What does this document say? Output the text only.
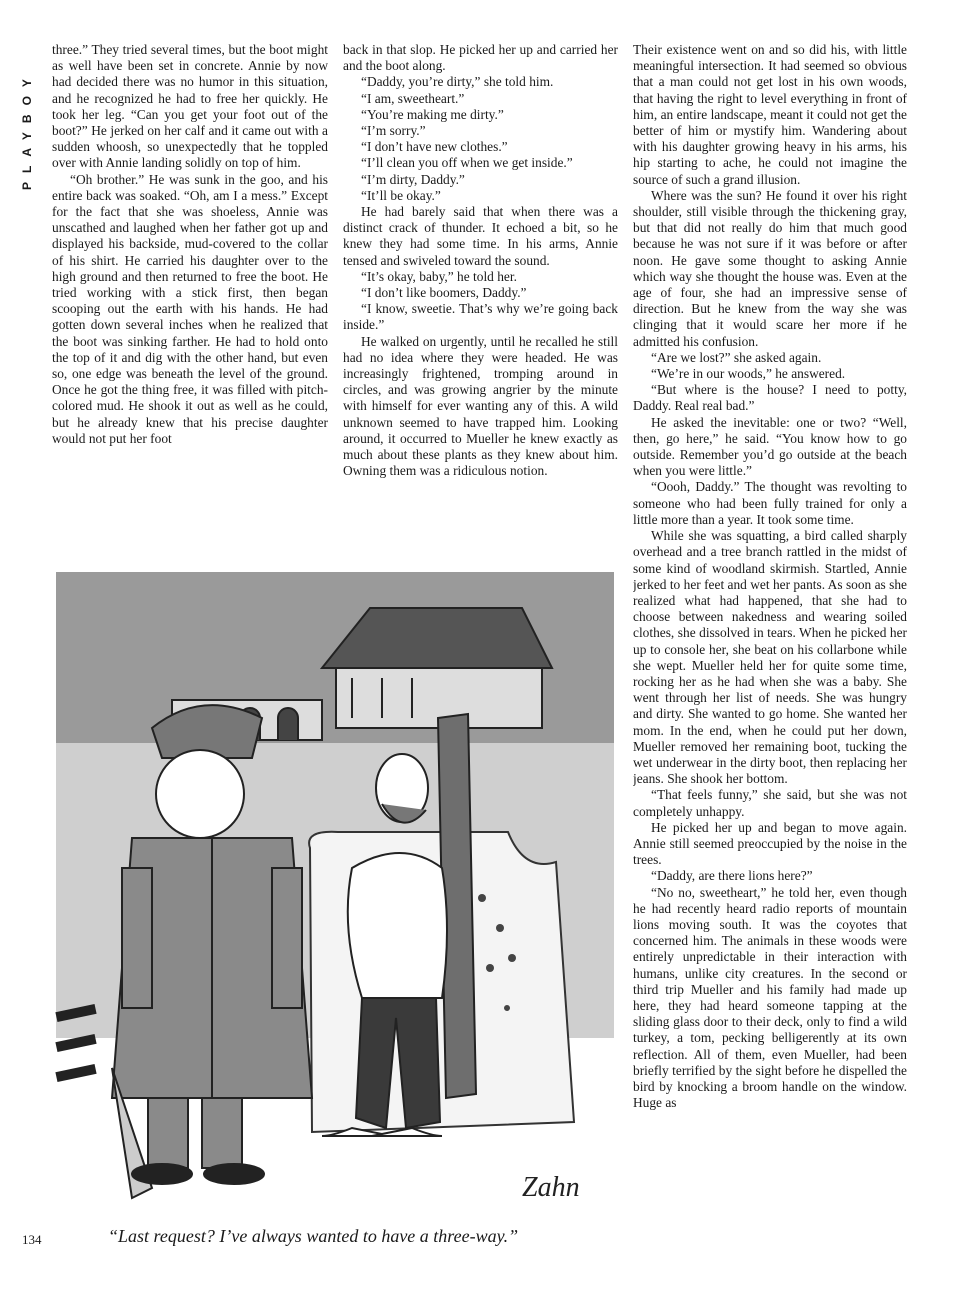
PLAYBOY

three.” They tried several times, but the boot might as well have been set in concrete. Annie by now had decided there was no humor in this situation, and he recognized he had to free her quickly. He took her leg. “Can you get your foot out of the boot?” He jerked on her calf and it came out with a sudden whoosh, so unexpectedly that he toppled over with Annie landing solidly on top of him.

“Oh brother.” He was sunk in the goo, and his entire back was soaked. “Oh, am I a mess.” Except for the fact that she was shoeless, Annie was unscathed and laughed when her father got up and displayed his backside, mud-covered to the collar of his shirt. He carried his daughter over to the high ground and then returned to free the boot. He tried working with a stick first, then began scooping out the earth with his hands. He had gotten down several inches when he realized that the boot was sinking farther. He had to hold onto the top of it and dig with the other hand, but even so, one edge was beneath the level of the ground. Once he got the thing free, it was filled with pitch-colored mud. He shook it out as well as he could, but he already knew that his precise daughter would not put her foot

back in that slop. He picked her up and carried her and the boot along.

“Daddy, you’re dirty,” she told him.

“I am, sweetheart.”

“You’re making me dirty.”

“I’m sorry.”

“I don’t have new clothes.”

“I’ll clean you off when we get inside.”

“I’m dirty, Daddy.”

“It’ll be okay.”

He had barely said that when there was a distinct crack of thunder. It echoed a bit, so he knew they had some time. In his arms, Annie tensed and swiveled toward the sound.

“It’s okay, baby,” he told her.

“I don’t like boomers, Daddy.”

“I know, sweetie. That’s why we’re going back inside.”

He walked on urgently, until he recalled he still had no idea where they were headed. He was increasingly frightened, tromping around in circles, and was growing angrier by the minute with himself for ever wanting any of this. A wild unknown seemed to have trapped him. Looking around, it occurred to Mueller he knew exactly as much about these plants as they knew about him. Owning them was a ridiculous notion.

Their existence went on and so did his, with little meaningful intersection. It had seemed so obvious that a man could not get lost in his own woods, that having the right to level everything in front of him, an entire landscape, meant it could not get the better of him or mystify him. Wandering about with his daughter growing heavy in his arms, his hip starting to ache, he could not imagine the source of such a grand illusion.

Where was the sun? He found it over his right shoulder, still visible through the thickening gray, but that did not really do him that much good because he was not sure if it was before or after noon. He gave some thought to asking Annie which way she thought the house was. Even at the age of four, she had an impressive sense of direction. But he knew from the way she was clinging that it would scare her more if he admitted his confusion.

“Are we lost?” she asked again.

“We’re in our woods,” he answered.

“But where is the house? I need to potty, Daddy. Real real bad.”

He asked the inevitable: one or two? “Well, then, go here,” he said. “You know how to go outside. Remember you’d go outside at the beach when you were little.”

“Oooh, Daddy.” The thought was revolting to someone who had been fully trained for only a little more than a year. It took some time.

While she was squatting, a bird called sharply overhead and a tree branch rattled in the midst of some kind of woodland skirmish. Startled, Annie jerked to her feet and wet her pants. As soon as she realized what had happened, that she had to choose between nakedness and wearing soiled clothes, she dissolved in tears. When he picked her up to console her, she beat on his collarbone while she wept. Mueller held her for quite some time, rocking her as he had when she was a baby. She went through her list of needs. She was hungry and dirty. She wanted to go home. She wanted her mom. In the end, when he could put her down, Mueller removed her remaining boot, tucking the wet underwear in the dirty boot, then replacing her jeans. She shook her bottom.

“That feels funny,” she said, but she was not completely unhappy.

He picked her up and began to move again. Annie still seemed preoccupied by the noise in the trees.

“Daddy, are there lions here?”

“No no, sweetheart,” he told her, even though he had recently heard radio reports of mountain lions moving south. It was the coyotes that concerned him. The animals in these woods were entirely unpredictable in their interaction with humans, unlike city creatures. In the second or third trip Mueller and his family had made up here, they had heard someone tapping at the sliding glass door to their deck, only to find a wild turkey, a tom, pecking belligerently at its own reflection. All of them, even Mueller, had been briefly terrified by the sight before he dispelled the bird by knocking a broom handle on the window. Huge as

Zahn
“Last request? I’ve always wanted to have a three-way.”
134
